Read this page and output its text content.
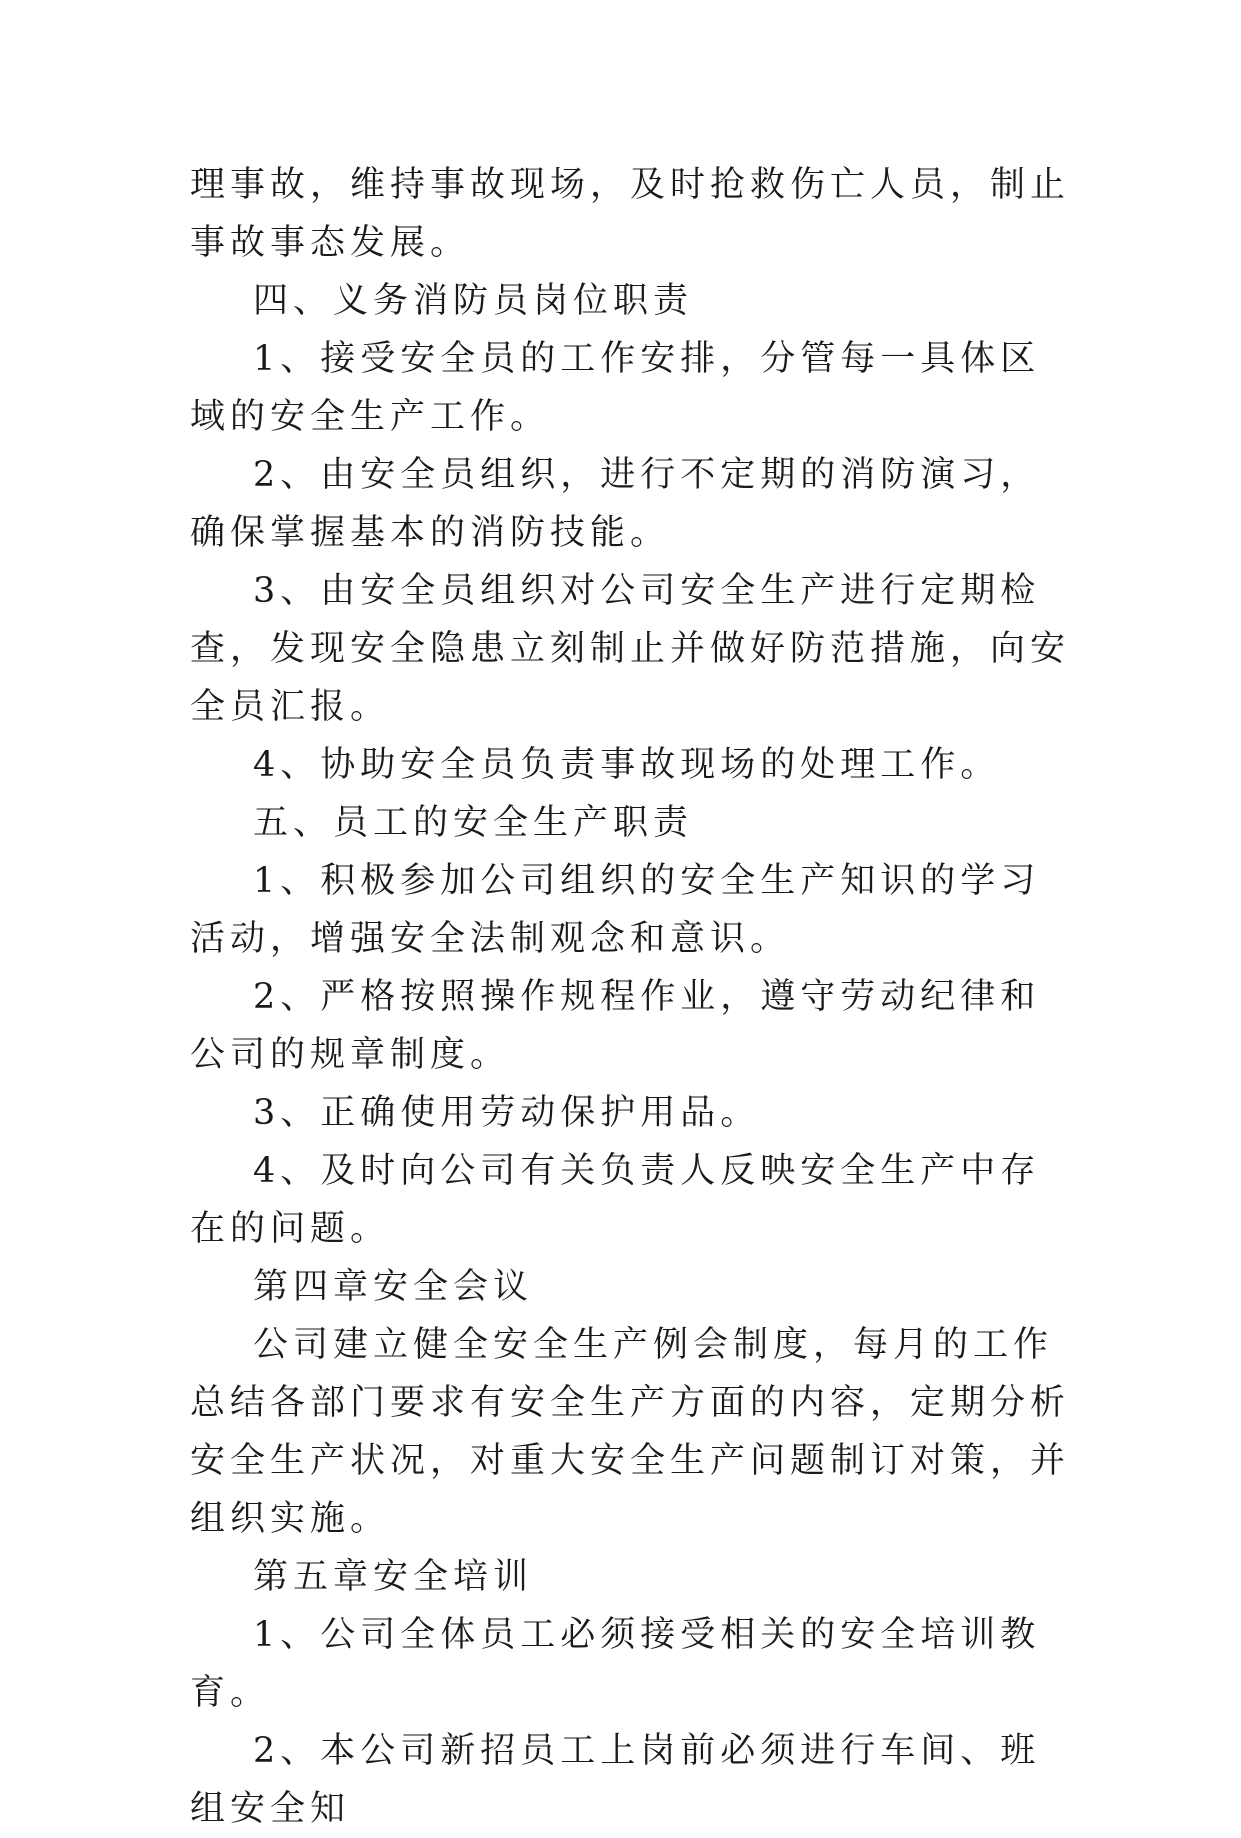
理事故，维持事故现场，及时抢救伤亡人员，制止事故事态发展。

四、义务消防员岗位职责

1、接受安全员的工作安排，分管每一具体区域的安全生产工作。

2、由安全员组织，进行不定期的消防演习，确保掌握基本的消防技能。

3、由安全员组织对公司安全生产进行定期检查，发现安全隐患立刻制止并做好防范措施，向安全员汇报。

4、协助安全员负责事故现场的处理工作。

五、员工的安全生产职责

1、积极参加公司组织的安全生产知识的学习活动，增强安全法制观念和意识。

2、严格按照操作规程作业，遵守劳动纪律和公司的规章制度。

3、正确使用劳动保护用品。

4、及时向公司有关负责人反映安全生产中存在的问题。

第四章安全会议

公司建立健全安全生产例会制度，每月的工作总结各部门要求有安全生产方面的内容，定期分析安全生产状况，对重大安全生产问题制订对策，并组织实施。

第五章安全培训

1、公司全体员工必须接受相关的安全培训教育。

2、本公司新招员工上岗前必须进行车间、班组安全知
